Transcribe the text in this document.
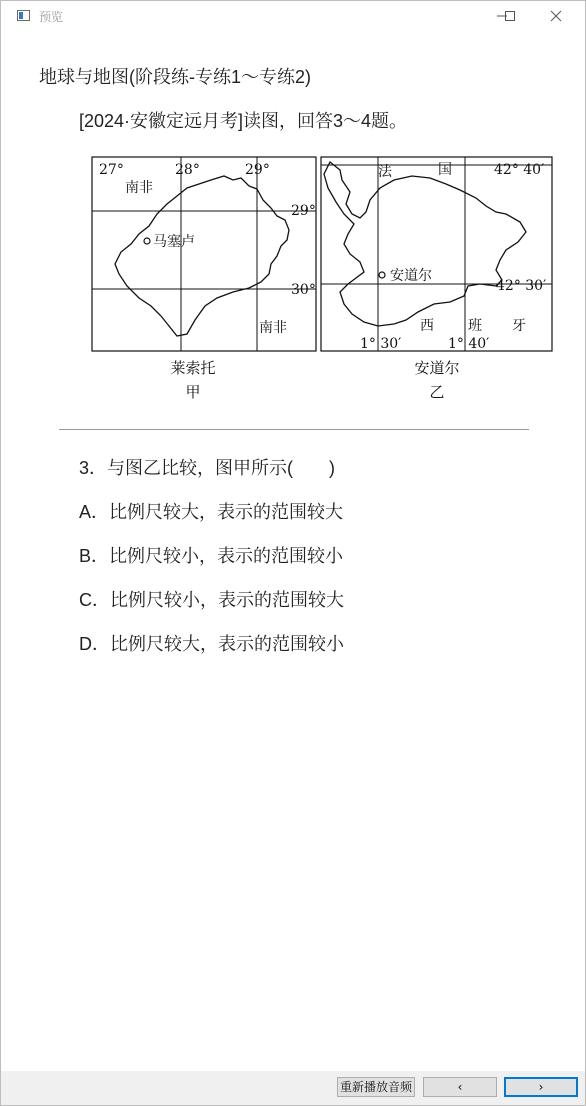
预览
地球与地图(阶段练-专练1～专练2)
[2024·安徽定远月考]读图，回答3～4题。
27°	28°	29°
29°
30°
南非
马塞卢
南非
法	国	42° 40′
安道尔
42° 30′
西 班 牙
1° 30′	1° 40′
莱索托
甲
安道尔
乙
3．与图乙比较，图甲所示(　　)
A．比例尺较大，表示的范围较大
B．比例尺较小，表示的范围较小
C．比例尺较小，表示的范围较大
D．比例尺较大，表示的范围较小
重新播放音频	‹	›
